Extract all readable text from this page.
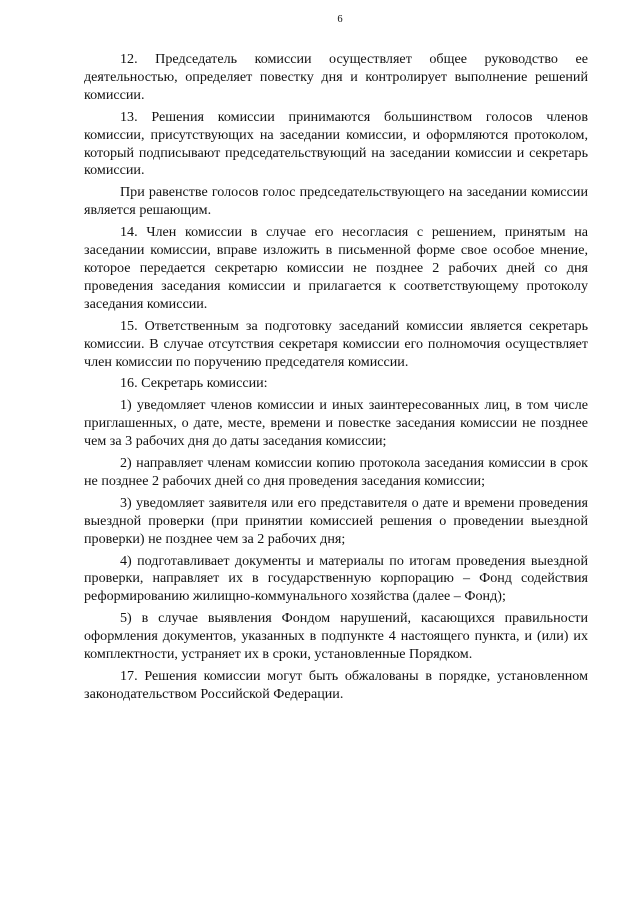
6

12. Председатель комиссии осуществляет общее руководство ее деятельностью, определяет повестку дня и контролирует выполнение решений комиссии.

13. Решения комиссии принимаются большинством голосов членов комиссии, присутствующих на заседании комиссии, и оформляются протоколом, который подписывают председательствующий на заседании комиссии и секретарь комиссии.

При равенстве голосов голос председательствующего на заседании комиссии является решающим.

14. Член комиссии в случае его несогласия с решением, принятым на заседании комиссии, вправе изложить в письменной форме свое особое мнение, которое передается секретарю комиссии не позднее 2 рабочих дней со дня проведения заседания комиссии и прилагается к соответствующему протоколу заседания комиссии.

15. Ответственным за подготовку заседаний комиссии является секретарь комиссии. В случае отсутствия секретаря комиссии его полномочия осуществляет член комиссии по поручению председателя комиссии.

16. Секретарь комиссии:

1) уведомляет членов комиссии и иных заинтересованных лиц, в том числе приглашенных, о дате, месте, времени и повестке заседания комиссии не позднее чем за 3 рабочих дня до даты заседания комиссии;

2) направляет членам комиссии копию протокола заседания комиссии в срок не позднее 2 рабочих дней со дня проведения заседания комиссии;

3) уведомляет заявителя или его представителя о дате и времени проведения выездной проверки (при принятии комиссией решения о проведении выездной проверки) не позднее чем за 2 рабочих дня;

4) подготавливает документы и материалы по итогам проведения выездной проверки, направляет их в государственную корпорацию – Фонд содействия реформированию жилищно-коммунального хозяйства (далее – Фонд);

5) в случае выявления Фондом нарушений, касающихся правильности оформления документов, указанных в подпункте 4 настоящего пункта, и (или) их комплектности, устраняет их в сроки, установленные Порядком.

17. Решения комиссии могут быть обжалованы в порядке, установленном законодательством Российской Федерации.
